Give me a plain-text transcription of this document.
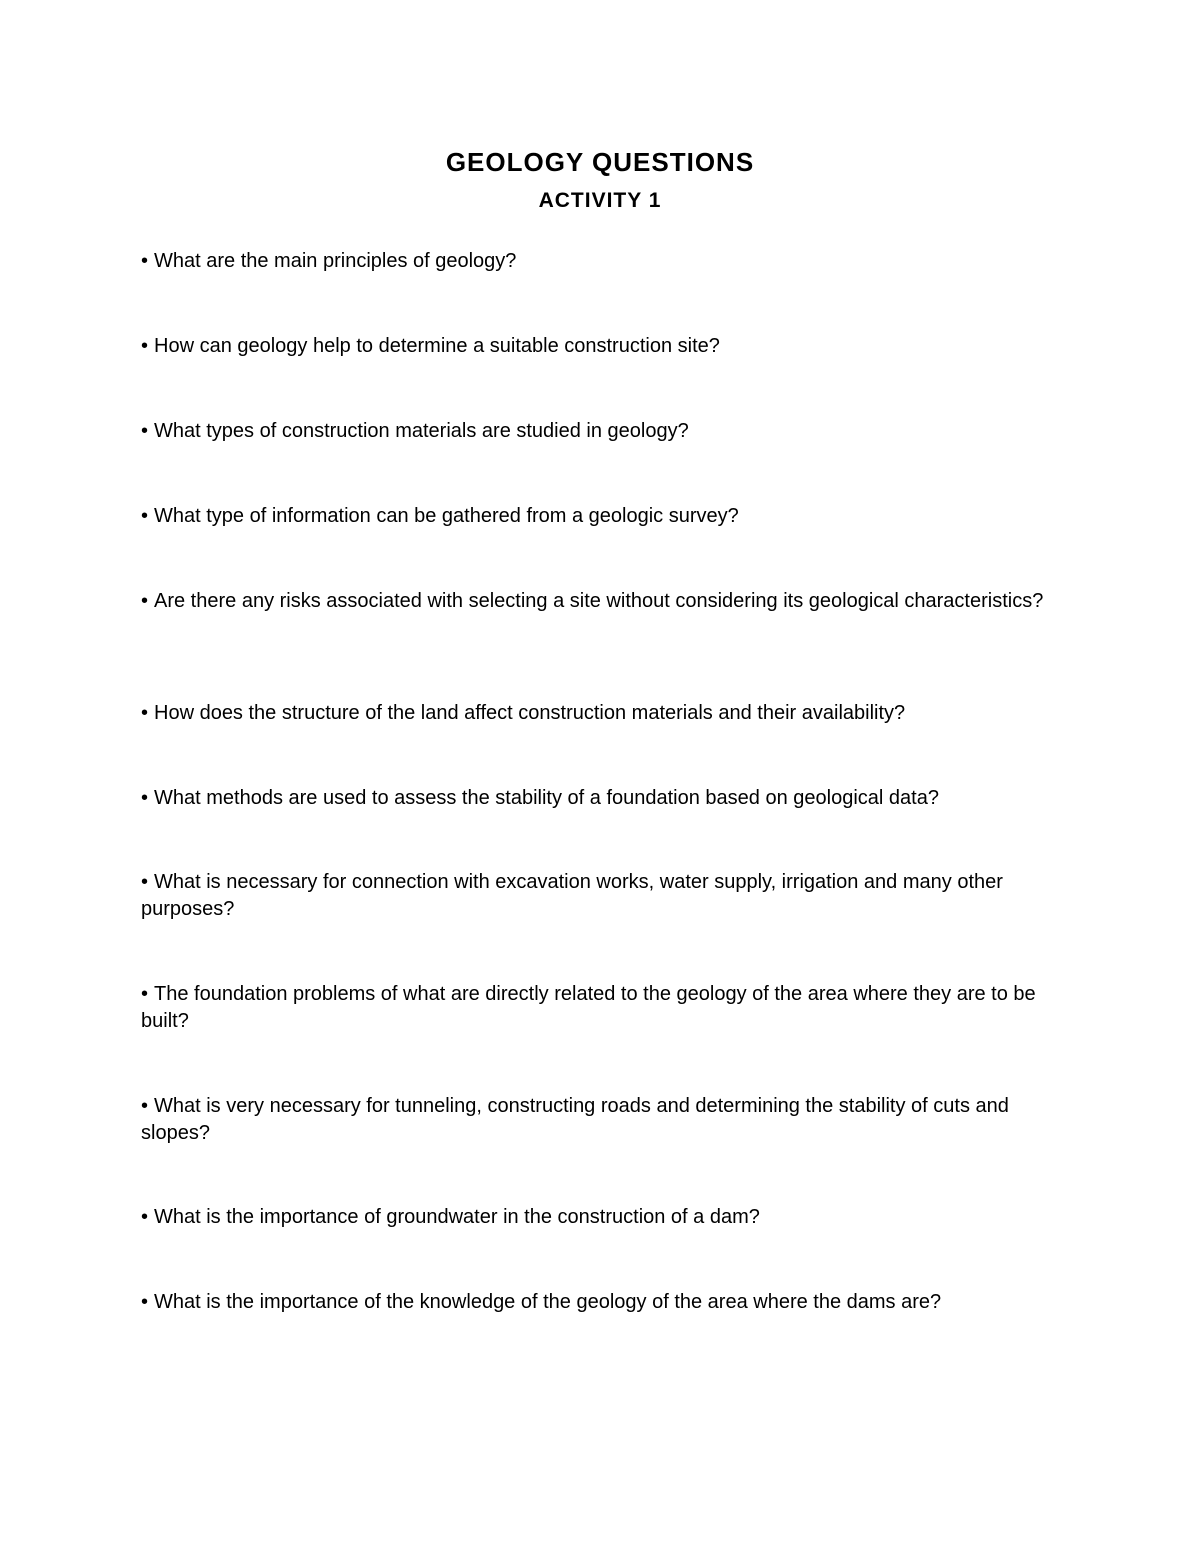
GEOLOGY QUESTIONS
ACTIVITY 1

• What are the main principles of geology?

• How can geology help to determine a suitable construction site?

• What types of construction materials are studied in geology?

• What type of information can be gathered from a geologic survey?

• Are there any risks associated with selecting a site without considering its geological characteristics?

• How does the structure of the land affect construction materials and their availability?

• What methods are used to assess the stability of a foundation based on geological data?

• What is necessary for connection with excavation works, water supply, irrigation and many other purposes?

• The foundation problems of what are directly related to the geology of the area where they are to be built?

• What is very necessary for tunneling, constructing roads and determining the stability of cuts and slopes?

• What is the importance of groundwater in the construction of a dam?

• What is the importance of the knowledge of the geology of the area where the dams are?
